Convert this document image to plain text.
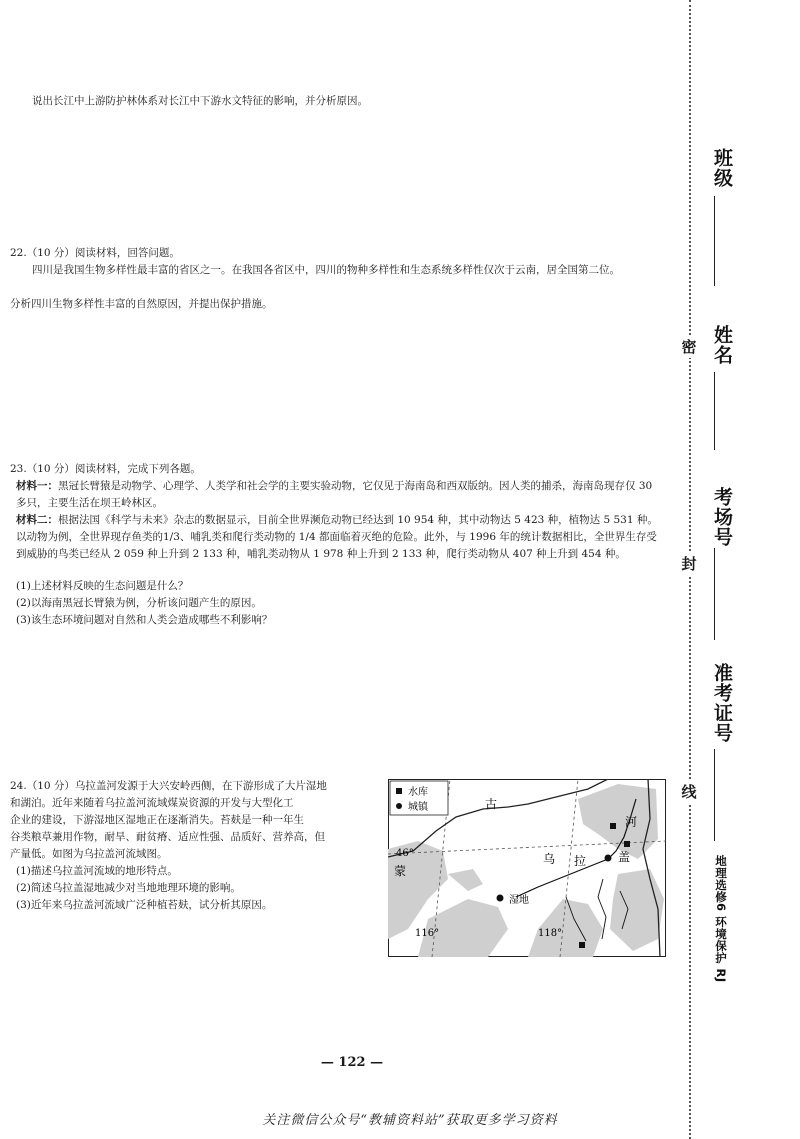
说出长江中上游防护林体系对长江中下游水文特征的影响，并分析原因。

22.（10 分）阅读材料，回答问题。

四川是我国生物多样性最丰富的省区之一。在我国各省区中，四川的物种多样性和生态系统多样性仅次于云南，居全国第二位。

分析四川生物多样性丰富的自然原因，并提出保护措施。

23.（10 分）阅读材料，完成下列各题。

材料一：黑冠长臂猿是动物学、心理学、人类学和社会学的主要实验动物，它仅见于海南岛和西双版纳。因人类的捕杀，海南岛现存仅 30 多只，主要生活在坝王岭林区。
材料二：根据法国《科学与未来》杂志的数据显示，目前全世界濒危动物已经达到 10 954 种，其中动物达 5 423 种，植物达 5 531 种。以动物为例，全世界现存鱼类的1/3、哺乳类和爬行类动物的 1/4 都面临着灭绝的危险。此外，与 1996 年的统计数据相比，全世界生存受到威胁的鸟类已经从 2 059 种上升到 2 133 种，哺乳类动物从 1 978 种上升到 2 133 种，爬行类动物从 407 种上升到 454 种。

(1)上述材料反映的生态问题是什么？

(2)以海南黑冠长臂猿为例，分析该问题产生的原因。

(3)该生态环境问题对自然和人类会造成哪些不利影响？

24.（10 分）乌拉盖河发源于大兴安岭西侧，在下游形成了大片湿地

和湖泊。近年来随着乌拉盖河流域煤炭资源的开发与大型化工

企业的建设，下游湿地区湿地正在逐渐消失。苔麸是一种一年生

谷类粮草兼用作物，耐旱、耐贫瘠、适应性强、品质好、营养高，但

产量低。如图为乌拉盖河流域图。

(1)描述乌拉盖河流域的地形特点。

(2)简述乌拉盖湿地减少对当地地理环境的影响。

(3)近年来乌拉盖河流域广泛种植苔麸，试分析其原因。

水库
城镇	古
蒙
乌 拉	盖
河
湿地
46°
116°	118°
班级
姓名
考场号
准考证号
密
封
线
地理选修6 环境保护 RJ
— 122 —
关注微信公众号“教辅资料站”获取更多学习资料
